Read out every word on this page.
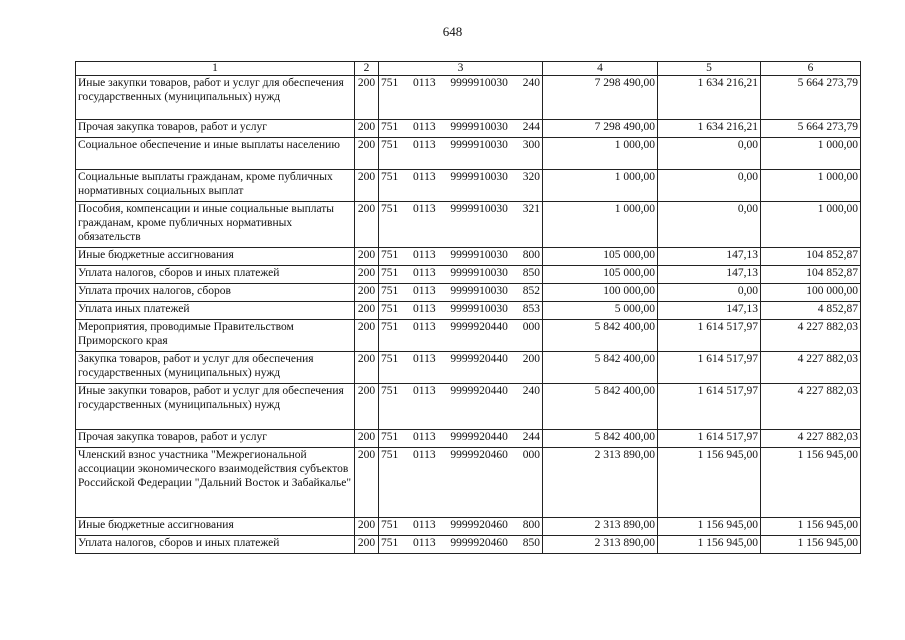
648
1	2	3	4	5	6
Иные закупки товаров, работ и услуг для обеспечения государственных (муниципальных) нужд	200	751 0113 9999910030 240	7 298 490,00	1 634 216,21	5 664 273,79
Прочая закупка товаров, работ и услуг	200	751 0113 9999910030 244	7 298 490,00	1 634 216,21	5 664 273,79
Социальное обеспечение и иные выплаты населению	200	751 0113 9999910030 300	1 000,00	0,00	1 000,00
Социальные выплаты гражданам, кроме публичных нормативных социальных выплат	200	751 0113 9999910030 320	1 000,00	0,00	1 000,00
Пособия, компенсации и иные социальные выплаты гражданам, кроме публичных нормативных обязательств	200	751 0113 9999910030 321	1 000,00	0,00	1 000,00
Иные бюджетные ассигнования	200	751 0113 9999910030 800	105 000,00	147,13	104 852,87
Уплата налогов, сборов и иных платежей	200	751 0113 9999910030 850	105 000,00	147,13	104 852,87
Уплата прочих налогов, сборов	200	751 0113 9999910030 852	100 000,00	0,00	100 000,00
Уплата иных платежей	200	751 0113 9999910030 853	5 000,00	147,13	4 852,87
Мероприятия, проводимые Правительством Приморского края	200	751 0113 9999920440 000	5 842 400,00	1 614 517,97	4 227 882,03
Закупка товаров, работ и услуг для обеспечения государственных (муниципальных) нужд	200	751 0113 9999920440 200	5 842 400,00	1 614 517,97	4 227 882,03
Иные закупки товаров, работ и услуг для обеспечения государственных (муниципальных) нужд	200	751 0113 9999920440 240	5 842 400,00	1 614 517,97	4 227 882,03
Прочая закупка товаров, работ и услуг	200	751 0113 9999920440 244	5 842 400,00	1 614 517,97	4 227 882,03
Членский взнос участника "Межрегиональной ассоциации экономического взаимодействия субъектов Российской Федерации "Дальний Восток и Забайкалье"	200	751 0113 9999920460 000	2 313 890,00	1 156 945,00	1 156 945,00
Иные бюджетные ассигнования	200	751 0113 9999920460 800	2 313 890,00	1 156 945,00	1 156 945,00
Уплата налогов, сборов и иных платежей	200	751 0113 9999920460 850	2 313 890,00	1 156 945,00	1 156 945,00
